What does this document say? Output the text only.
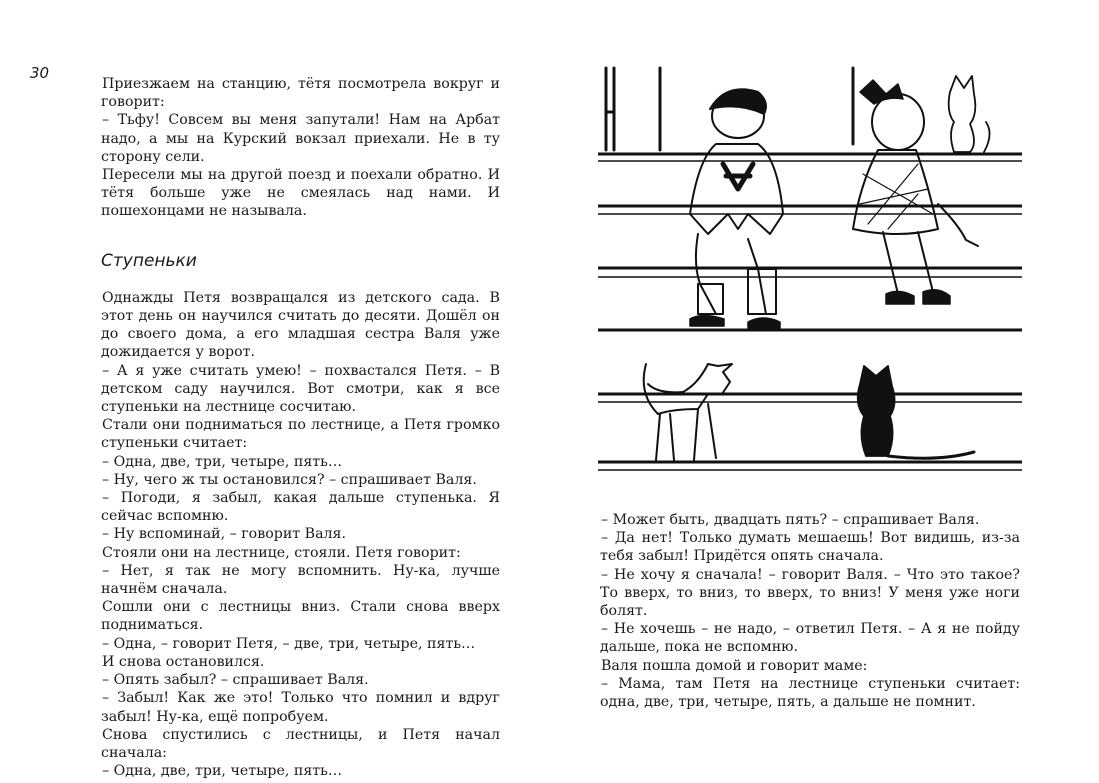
30

Приезжаем на станцию, тётя посмотрела вокруг и говорит:

– Тьфу! Совсем вы меня запутали! Нам на Арбат надо, а мы на Курский вокзал приехали. Не в ту сторону сели.

Пересели мы на другой поезд и поехали обратно. И тётя больше уже не смеялась над нами. И пошехонцами не называла.

Ступеньки

Однажды Петя возвращался из детского сада. В этот день он научился считать до десяти. Дошёл он до своего дома, а его младшая сестра Валя уже дожидается у ворот.

– А я уже считать умею! – похвастался Петя. – В детском саду научился. Вот смотри, как я все ступеньки на лестнице сосчитаю.

Стали они подниматься по лестнице, а Петя громко ступеньки считает:

– Одна, две, три, четыре, пять…

– Ну, чего ж ты остановился? – спрашивает Валя.

– Погоди, я забыл, какая дальше ступенька. Я сейчас вспомню.

– Ну вспоминай, – говорит Валя.

Стояли они на лестнице, стояли. Петя говорит:

– Нет, я так не могу вспомнить. Ну-ка, лучше начнём сначала.

Сошли они с лестницы вниз. Стали снова вверх подниматься.

– Одна, – говорит Петя, – две, три, четыре, пять…

И снова остановился.

– Опять забыл? – спрашивает Валя.

– Забыл! Как же это! Только что помнил и вдруг забыл! Ну-ка, ещё попробуем.

Снова спустились с лестницы, и Петя начал сначала:

– Одна, две, три, четыре, пять…

– Может быть, двадцать пять? – спрашивает Валя.

– Да нет! Только думать мешаешь! Вот видишь, из-за тебя забыл! Придётся опять сначала.

– Не хочу я сначала! – говорит Валя. – Что это такое? То вверх, то вниз, то вверх, то вниз! У меня уже ноги болят.

– Не хочешь – не надо, – ответил Петя. – А я не пойду дальше, пока не вспомню.

Валя пошла домой и говорит маме:

– Мама, там Петя на лестнице ступеньки считает: одна, две, три, четыре, пять, а дальше не помнит.
